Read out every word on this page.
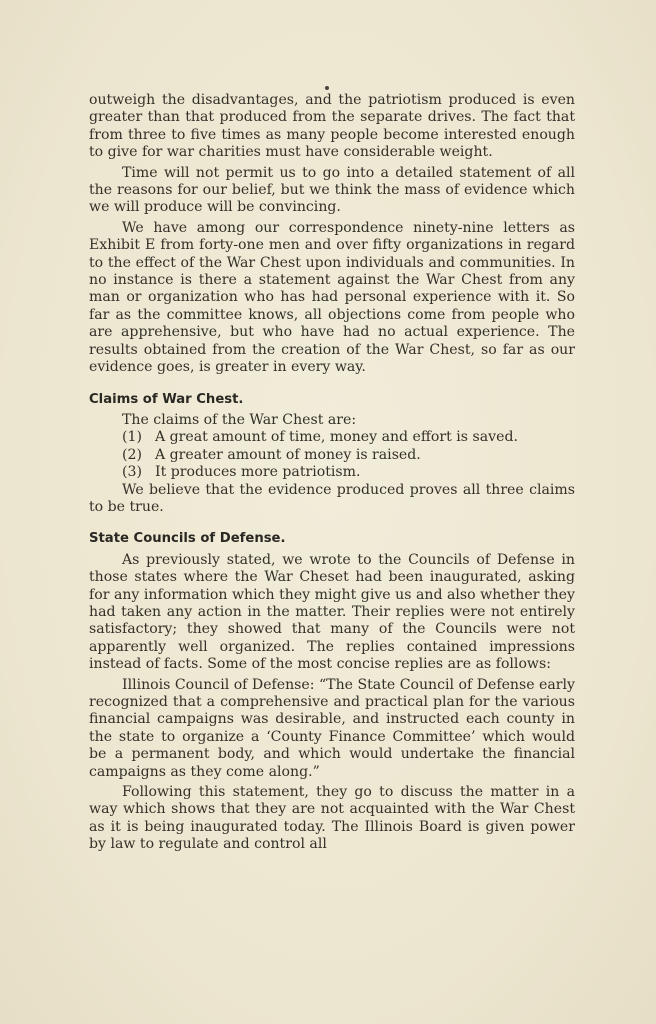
outweigh the disadvantages, and the patriotism produced is even greater than that produced from the separate drives. The fact that from three to five times as many people become interested enough to give for war charities must have considerable weight.

Time will not permit us to go into a detailed statement of all the reasons for our belief, but we think the mass of evidence which we will produce will be convincing.

We have among our correspondence ninety-nine letters as Exhibit E from forty-one men and over fifty organizations in regard to the effect of the War Chest upon individuals and communities. In no instance is there a statement against the War Chest from any man or organization who has had personal experience with it. So far as the committee knows, all objections come from people who are apprehensive, but who have had no actual experience. The results obtained from the creation of the War Chest, so far as our evidence goes, is greater in every way.

Claims of War Chest.

The claims of the War Chest are:

(1) A great amount of time, money and effort is saved.
(2) A greater amount of money is raised.
(3) It produces more patriotism.

We believe that the evidence produced proves all three claims to be true.

State Councils of Defense.

As previously stated, we wrote to the Councils of Defense in those states where the War Cheset had been inaugurated, asking for any information which they might give us and also whether they had taken any action in the matter. Their replies were not entirely satisfactory; they showed that many of the Councils were not apparently well organized. The replies contained impressions instead of facts. Some of the most concise replies are as follows:

Illinois Council of Defense: “The State Council of Defense early recognized that a comprehensive and practical plan for the various financial campaigns was desirable, and instructed each county in the state to organize a ‘County Finance Committee’ which would be a permanent body, and which would undertake the financial campaigns as they come along.”

Following this statement, they go to discuss the matter in a way which shows that they are not acquainted with the War Chest as it is being inaugurated today. The Illinois Board is given power by law to regulate and control all
